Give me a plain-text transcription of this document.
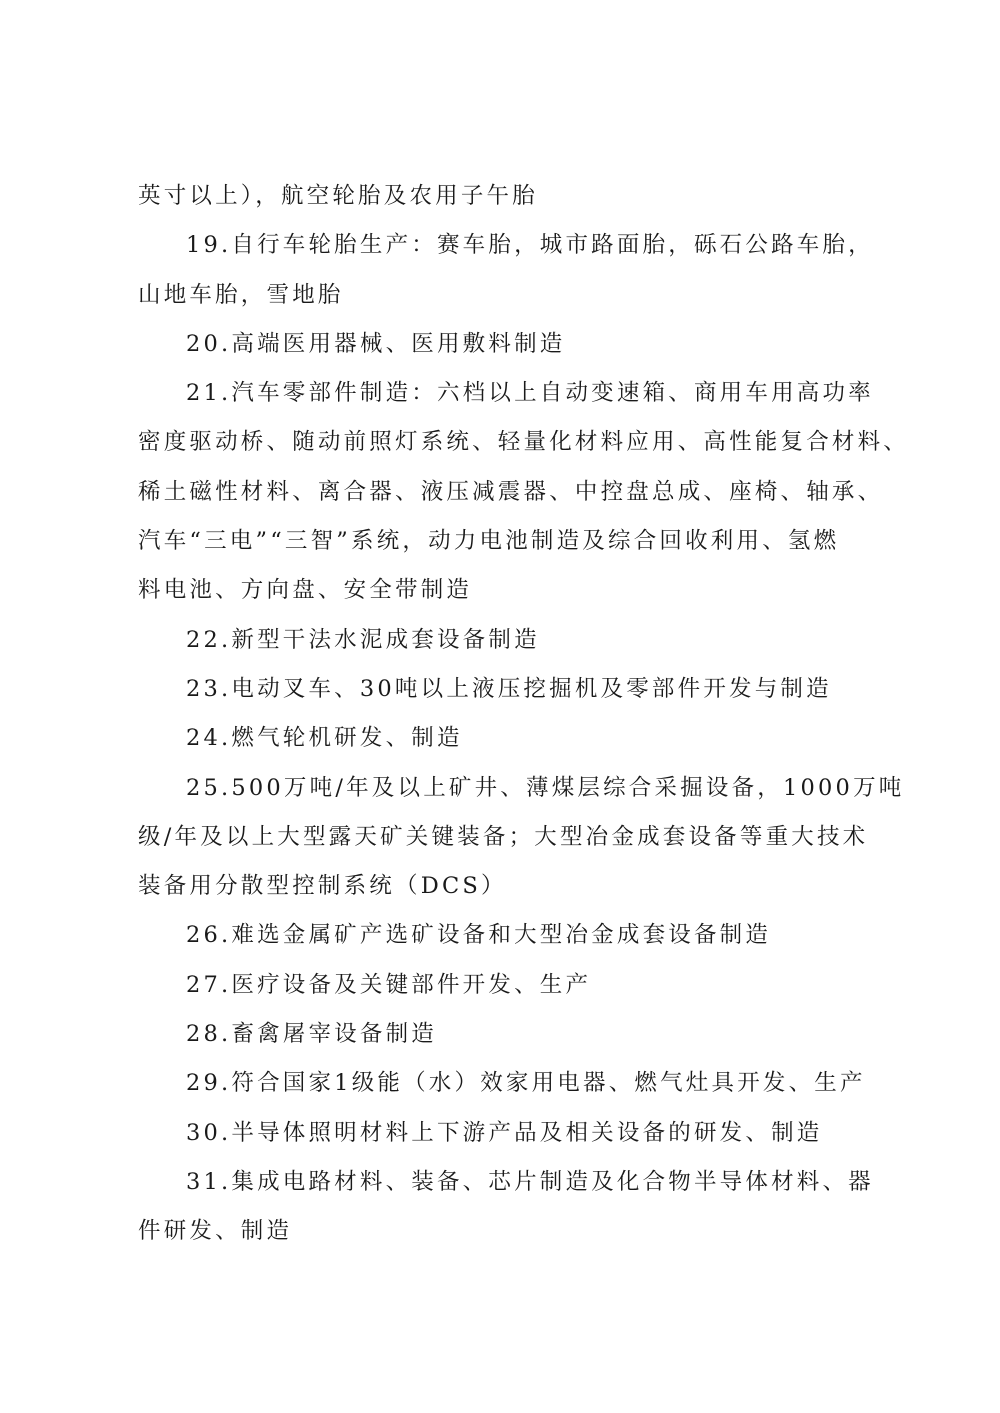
英寸以上），航空轮胎及农用子午胎

19.自行车轮胎生产：赛车胎，城市路面胎，砾石公路车胎，
山地车胎，雪地胎

20.高端医用器械、医用敷料制造

21.汽车零部件制造：六档以上自动变速箱、商用车用高功率
密度驱动桥、随动前照灯系统、轻量化材料应用、高性能复合材料、
稀土磁性材料、离合器、液压减震器、中控盘总成、座椅、轴承、
汽车“三电”“三智”系统，动力电池制造及综合回收利用、氢燃
料电池、方向盘、安全带制造

22.新型干法水泥成套设备制造

23.电动叉车、30吨以上液压挖掘机及零部件开发与制造

24.燃气轮机研发、制造

25.500万吨/年及以上矿井、薄煤层综合采掘设备，1000万吨
级/年及以上大型露天矿关键装备；大型冶金成套设备等重大技术
装备用分散型控制系统（DCS）

26.难选金属矿产选矿设备和大型冶金成套设备制造

27.医疗设备及关键部件开发、生产

28.畜禽屠宰设备制造

29.符合国家1级能（水）效家用电器、燃气灶具开发、生产

30.半导体照明材料上下游产品及相关设备的研发、制造

31.集成电路材料、装备、芯片制造及化合物半导体材料、器
件研发、制造
